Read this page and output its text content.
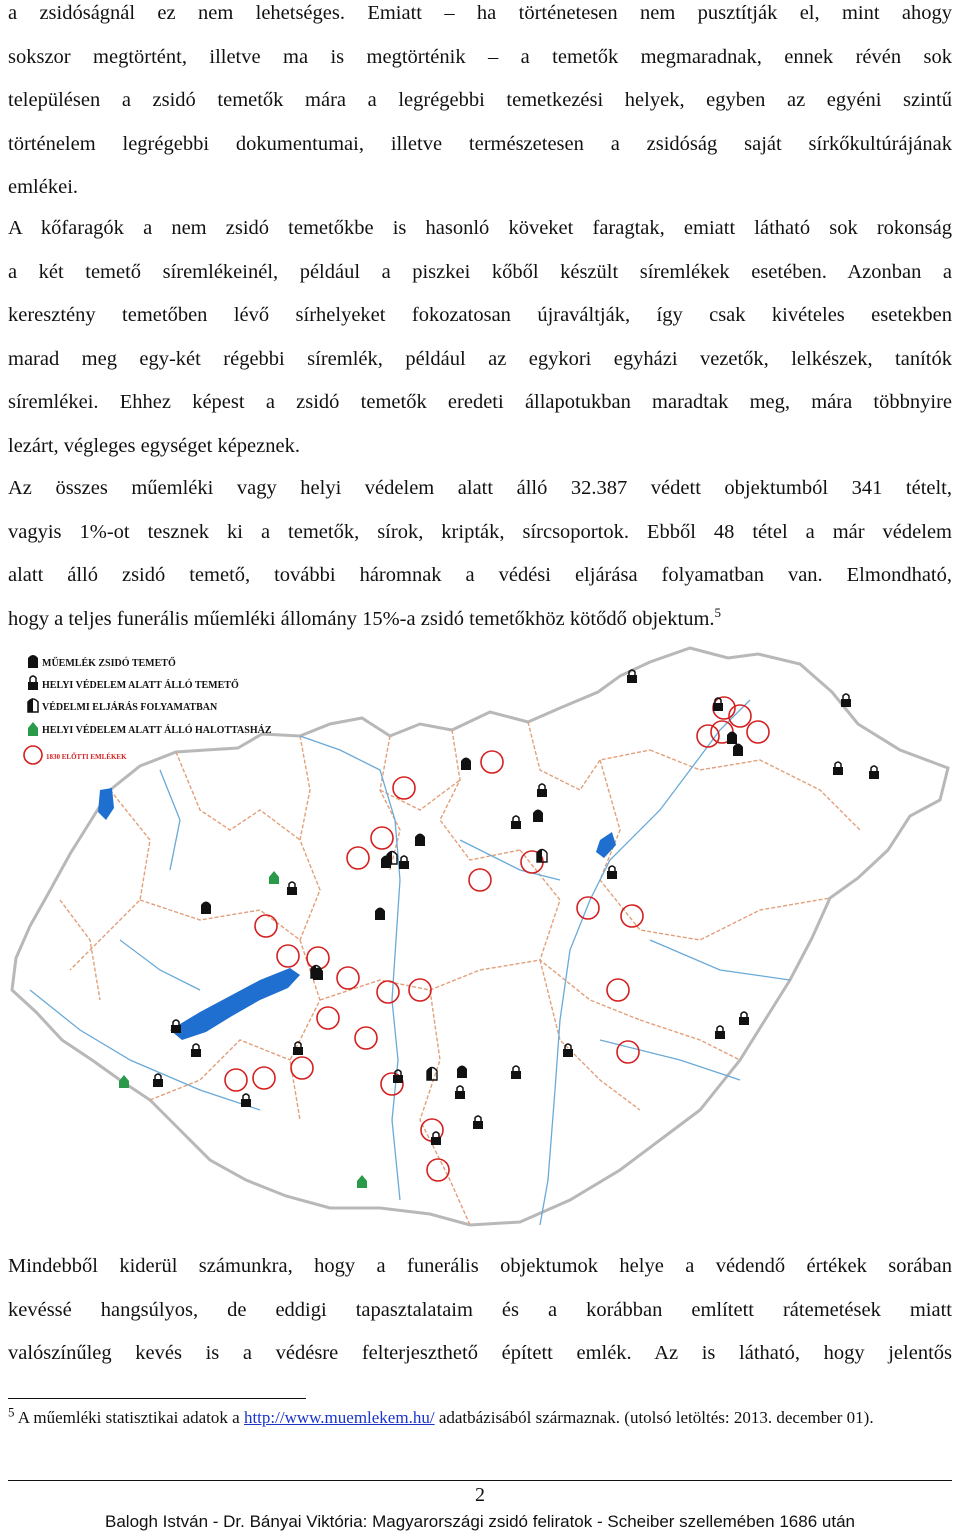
a zsidóságnál ez nem lehetséges. Emiatt – ha történetesen nem pusztítják el, mint ahogy
sokszor megtörtént, illetve ma is megtörténik – a temetők megmaradnak, ennek révén sok
településen a zsidó temetők mára a legrégebbi temetkezési helyek, egyben az egyéni szintű
történelem legrégebbi dokumentumai, illetve természetesen a zsidóság saját sírkőkultúrájának
emlékei.

A kőfaragók a nem zsidó temetőkbe is hasonló köveket faragtak, emiatt látható sok rokonság
a két temető síremlékeinél, például a piszkei kőből készült síremlékek esetében. Azonban a
keresztény temetőben lévő sírhelyeket fokozatosan újraváltják, így csak kivételes esetekben
marad meg egy-két régebbi síremlék, például az egykori egyházi vezetők, lelkészek, tanítók
síremlékei. Ehhez képest a zsidó temetők eredeti állapotukban maradtak meg, mára többnyire
lezárt, végleges egységet képeznek.

Az összes műemléki vagy helyi védelem alatt álló 32.387 védett objektumból 341 tételt,
vagyis 1%-ot tesznek ki a temetők, sírok, kripták, sírcsoportok. Ebből 48 tétel a már védelem
alatt álló zsidó temető, további háromnak a védési eljárása folyamatban van. Elmondható,
hogy a teljes funerális műemléki állomány 15%-a zsidó temetőkhöz kötődő objektum.$^5$

MŰEMLÉK ZSIDÓ TEMETŐ
HELYI VÉDELEM ALATT ÁLLÓ TEMETŐ
VÉDELMI ELJÁRÁS FOLYAMATBAN
HELYI VÉDELEM ALATT ÁLLÓ HALOTTASHÁZ
1830 ELŐTTI EMLÉKEK

Mindebből kiderül számunkra, hogy a funerális objektumok helye a védendő értékek sorában
kevéssé hangsúlyos, de eddigi tapasztalataim és a korábban említett rátemetések miatt
valószínűleg kevés is a védésre felterjeszthető épített emlék. Az is látható, hogy jelentős

$^5$ A műemléki statisztikai adatok a http://www.muemlekem.hu/ adatbázisából származnak. (utolsó letöltés: 2013. december 01).

2
Balogh István - Dr. Bányai Viktória: Magyarországi zsidó feliratok - Scheiber szellemében 1686 után
